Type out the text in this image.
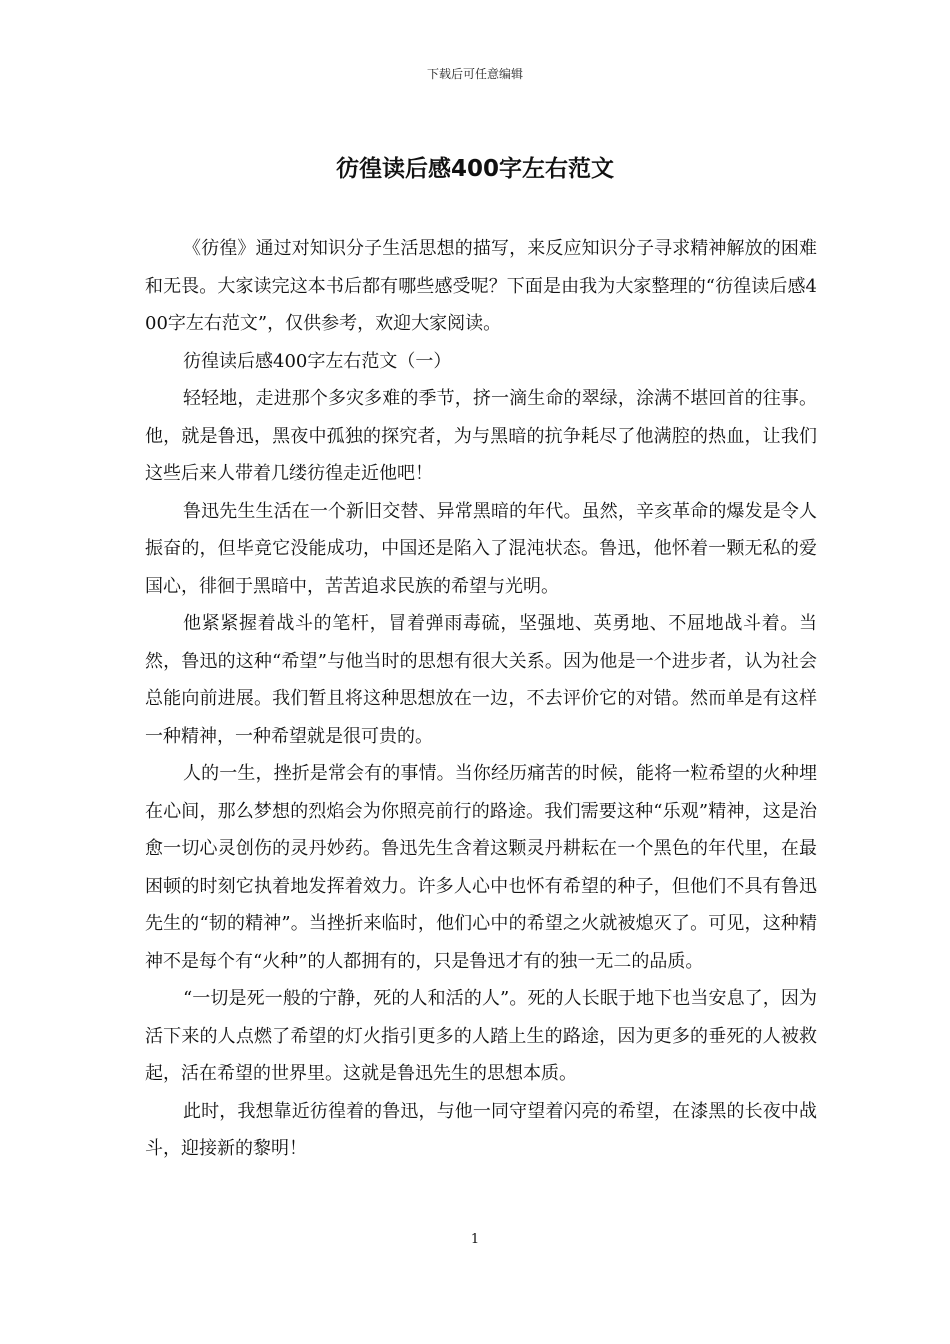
下载后可任意编辑
彷徨读后感400字左右范文

《彷徨》通过对知识分子生活思想的描写，来反应知识分子寻求精神解放的困难和无畏。大家读完这本书后都有哪些感受呢？下面是由我为大家整理的“彷徨读后感400字左右范文”，仅供参考，欢迎大家阅读。

彷徨读后感400字左右范文（一）

轻轻地，走进那个多灾多难的季节，挤一滴生命的翠绿，涂满不堪回首的往事。他，就是鲁迅，黑夜中孤独的探究者，为与黑暗的抗争耗尽了他满腔的热血，让我们这些后来人带着几缕彷徨走近他吧！

鲁迅先生生活在一个新旧交替、异常黑暗的年代。虽然，辛亥革命的爆发是令人振奋的，但毕竟它没能成功，中国还是陷入了混沌状态。鲁迅，他怀着一颗无私的爱国心，徘徊于黑暗中，苦苦追求民族的希望与光明。

他紧紧握着战斗的笔杆，冒着弹雨毒硫，坚强地、英勇地、不屈地战斗着。当然，鲁迅的这种“希望”与他当时的思想有很大关系。因为他是一个进步者，认为社会总能向前进展。我们暂且将这种思想放在一边，不去评价它的对错。然而单是有这样一种精神，一种希望就是很可贵的。

人的一生，挫折是常会有的事情。当你经历痛苦的时候，能将一粒希望的火种埋在心间，那么梦想的烈焰会为你照亮前行的路途。我们需要这种“乐观”精神，这是治愈一切心灵创伤的灵丹妙药。鲁迅先生含着这颗灵丹耕耘在一个黑色的年代里，在最困顿的时刻它执着地发挥着效力。许多人心中也怀有希望的种子，但他们不具有鲁迅先生的“韧的精神”。当挫折来临时，他们心中的希望之火就被熄灭了。可见，这种精神不是每个有“火种”的人都拥有的，只是鲁迅才有的独一无二的品质。

“一切是死一般的宁静，死的人和活的人”。死的人长眠于地下也当安息了，因为活下来的人点燃了希望的灯火指引更多的人踏上生的路途，因为更多的垂死的人被救起，活在希望的世界里。这就是鲁迅先生的思想本质。

此时，我想靠近彷徨着的鲁迅，与他一同守望着闪亮的希望，在漆黑的长夜中战斗，迎接新的黎明！

1
